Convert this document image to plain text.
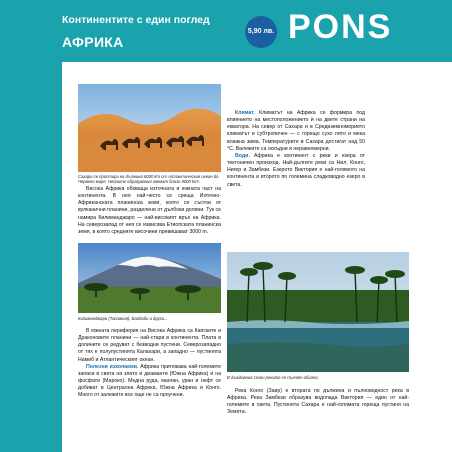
Континентите с един поглед
АФРИКА
5,90 лв. PONS
Сахара се простира на дължина 6000 km от Атлантическия океан до Червено море. Нейните образувания заемат близо 9000 km².

Висока Африка обхваща източната и южната част на континента. В нея най-често се среща Източно-Африканската планинска земя, която се състои от вулканични планини, разделени от дълбоки долини. Тук се намира Килиманджаро — най-високият връх на Африка. На северозапад от нея се извисява Етиопската планинска земя, в която средните височини превишават 3000 m.

Килиманджаро (Танзания). Баобаби и други...

В южната периферия на Висока Африка са Капските и Драконовите планини — най-стари в континента. Плата в долините се редуват с безводни пустини. Северозападно от тях е полупустинята Калахари, а западно — пустинята Намиб и Атлантическият океан.

Полезни изкопаеми. Африка притежава най-големите запаси в света на злато и диаманти (Южна Африка) и на фосфати (Мароко). Медна руда, манган, уран и нефт се добиват в Централна Африка, Южна Африка и Конго. Много от залежите все още не са проучени.

Климат. Климатът на Африка се формира под влиянието на местоположението ѝ на двете страни на екватора. На север от Сахара и в Средиземноморието климатът е субтропичен — с горещо сухо лято и мека влажна зима. Температурите в Сахара достигат над 50 °C. Валежите са оскъдни и неравномерни.

Води. Африка е континент с реки и езера от тектоничен произход. Най-дългите реки са Нил, Конго, Нигер и Замбези. Езерото Виктория е най-голямото на континента и второто по големина сладководно езеро в света.

В дъждовния сезон реките се пълнят обилно.

Река Конго (Заир) е втората по дължина и пълноводност река в Африка. Река Замбези образува водопада Виктория — един от най-големите в света. Пустинята Сахара е най-голямата гореща пустиня на Земята.
